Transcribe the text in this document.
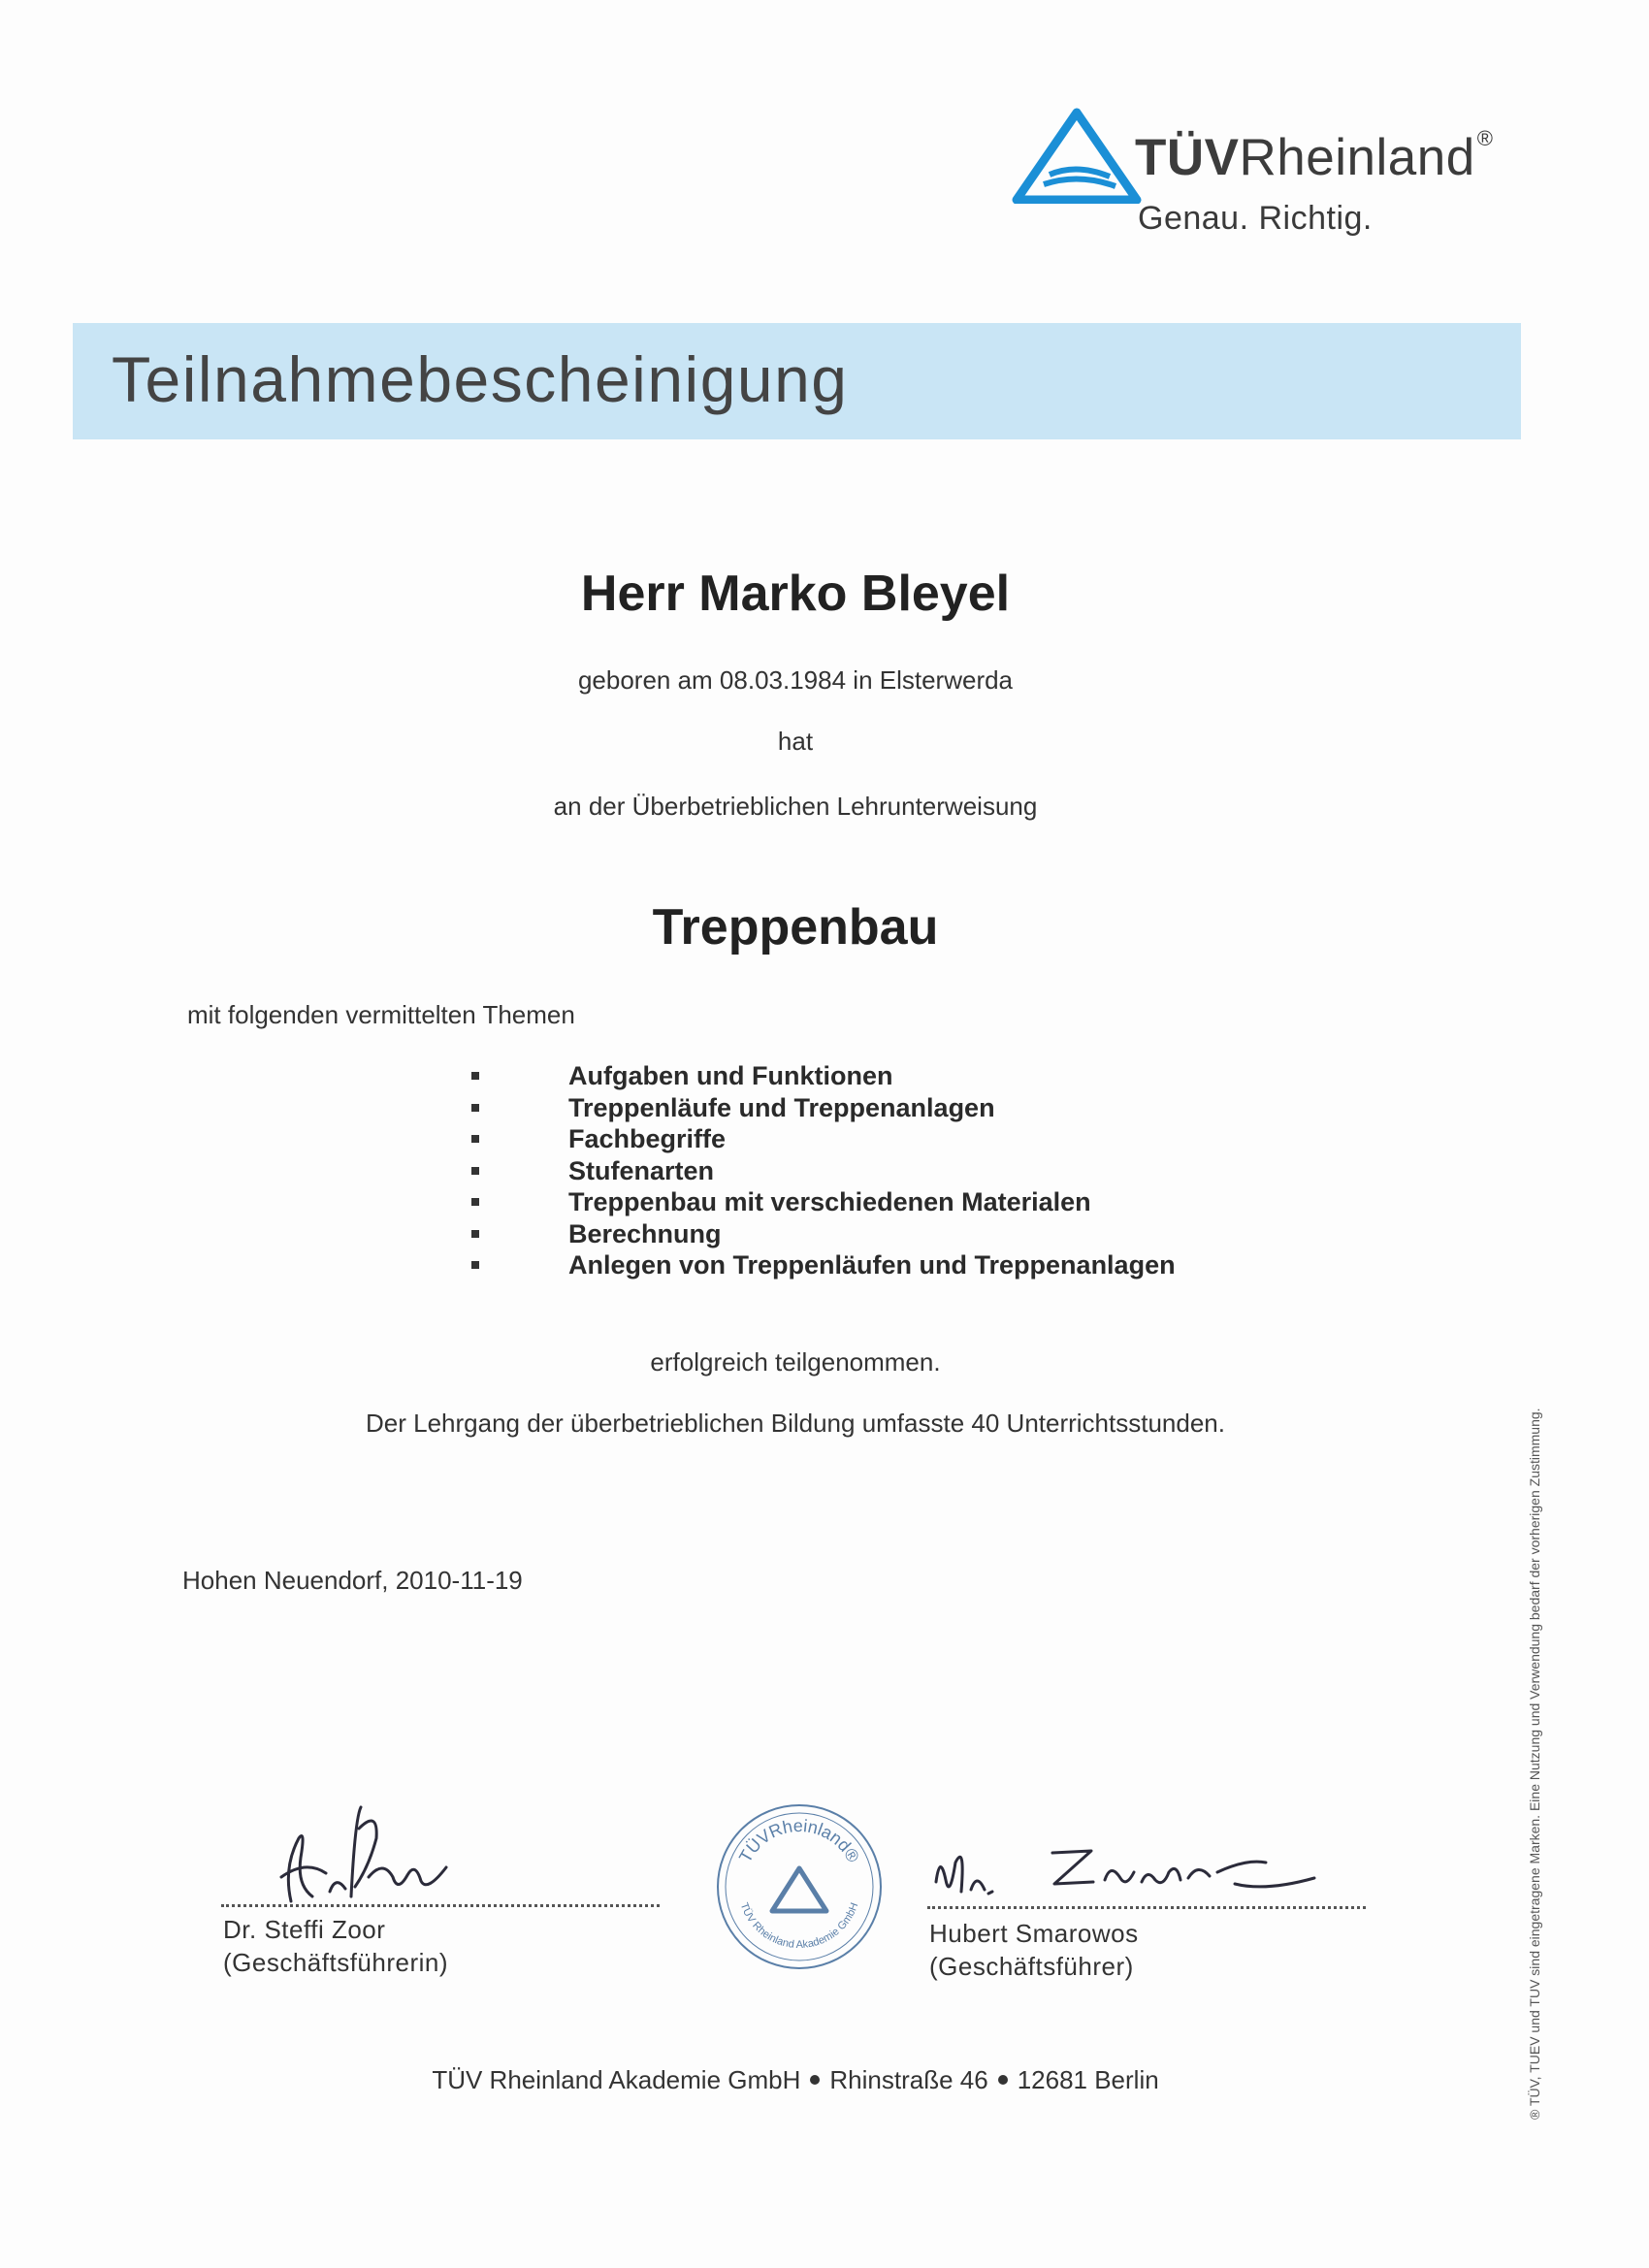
TÜVRheinland®
Genau. Richtig.
Teilnahmebescheinigung
Herr Marko Bleyel
geboren am 08.03.1984 in Elsterwerda
hat
an der Überbetrieblichen Lehrunterweisung
Treppenbau
mit folgenden vermittelten Themen
Aufgaben und Funktionen
Treppenläufe und Treppenanlagen
Fachbegriffe
Stufenarten
Treppenbau mit verschiedenen Materialen
Berechnung
Anlegen von Treppenläufen und Treppenanlagen
erfolgreich teilgenommen.
Der Lehrgang der überbetrieblichen Bildung umfasste 40 Unterrichtsstunden.
Hohen Neuendorf, 2010-11-19
Dr. Steffi Zoor
(Geschäftsführerin)
TÜVRheinland®
TÜV Rheinland Akademie GmbH
Hubert Smarowos
(Geschäftsführer)
TÜV Rheinland Akademie GmbH Rhinstraße 46 12681 Berlin	® TÜV, TUEV und TUV sind eingetragene Marken. Eine Nutzung und Verwendung bedarf der vorherigen Zustimmung.
